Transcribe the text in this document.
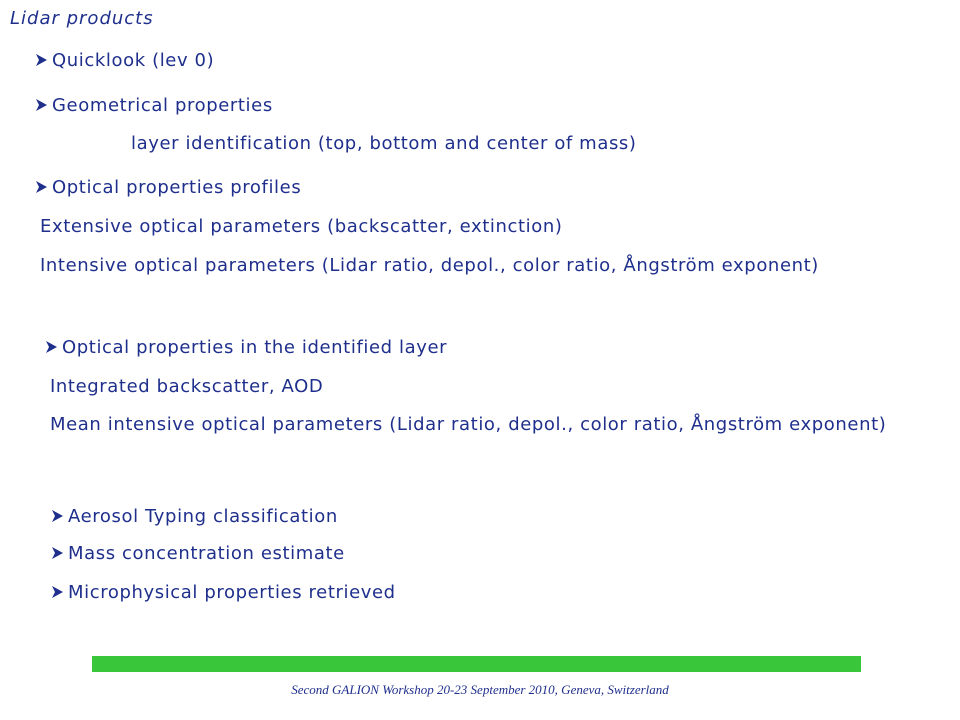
Lidar products
Quicklook (lev 0)
Geometrical properties
layer identification (top, bottom and center of mass)
Optical properties profiles
Extensive optical parameters (backscatter, extinction)
Intensive optical parameters (Lidar ratio, depol., color ratio, Ångström exponent)
Optical properties in the identified layer
Integrated backscatter, AOD
Mean intensive optical parameters (Lidar ratio, depol., color ratio, Ångström exponent)
Aerosol Typing classification
Mass concentration estimate
Microphysical properties retrieved
Second GALION Workshop 20-23 September 2010, Geneva, Switzerland
